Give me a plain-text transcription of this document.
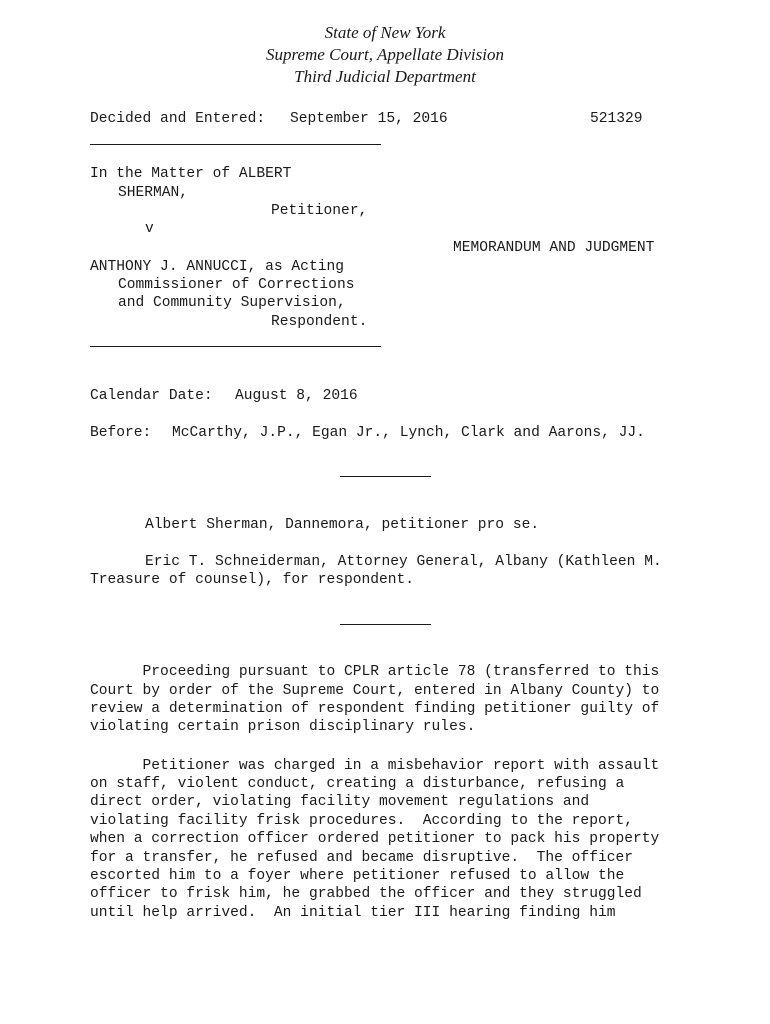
State of New York
Supreme Court, Appellate Division
Third Judicial Department
Decided and Entered: September 15, 2016	521329
In the Matter of ALBERT
SHERMAN,
Petitioner,
v
MEMORANDUM AND JUDGMENT
ANTHONY J. ANNUCCI, as Acting
Commissioner of Corrections
and Community Supervision,
Respondent.
Calendar Date: August 8, 2016
Before: McCarthy, J.P., Egan Jr., Lynch, Clark and Aarons, JJ.
Albert Sherman, Dannemora, petitioner pro se.
Eric T. Schneiderman, Attorney General, Albany (Kathleen M.
Treasure of counsel), for respondent.
Proceeding pursuant to CPLR article 78 (transferred to this
Court by order of the Supreme Court, entered in Albany County) to
review a determination of respondent finding petitioner guilty of
violating certain prison disciplinary rules.
Petitioner was charged in a misbehavior report with assault
on staff, violent conduct, creating a disturbance, refusing a
direct order, violating facility movement regulations and
violating facility frisk procedures.  According to the report,
when a correction officer ordered petitioner to pack his property
for a transfer, he refused and became disruptive.  The officer
escorted him to a foyer where petitioner refused to allow the
officer to frisk him, he grabbed the officer and they struggled
until help arrived.  An initial tier III hearing finding him
